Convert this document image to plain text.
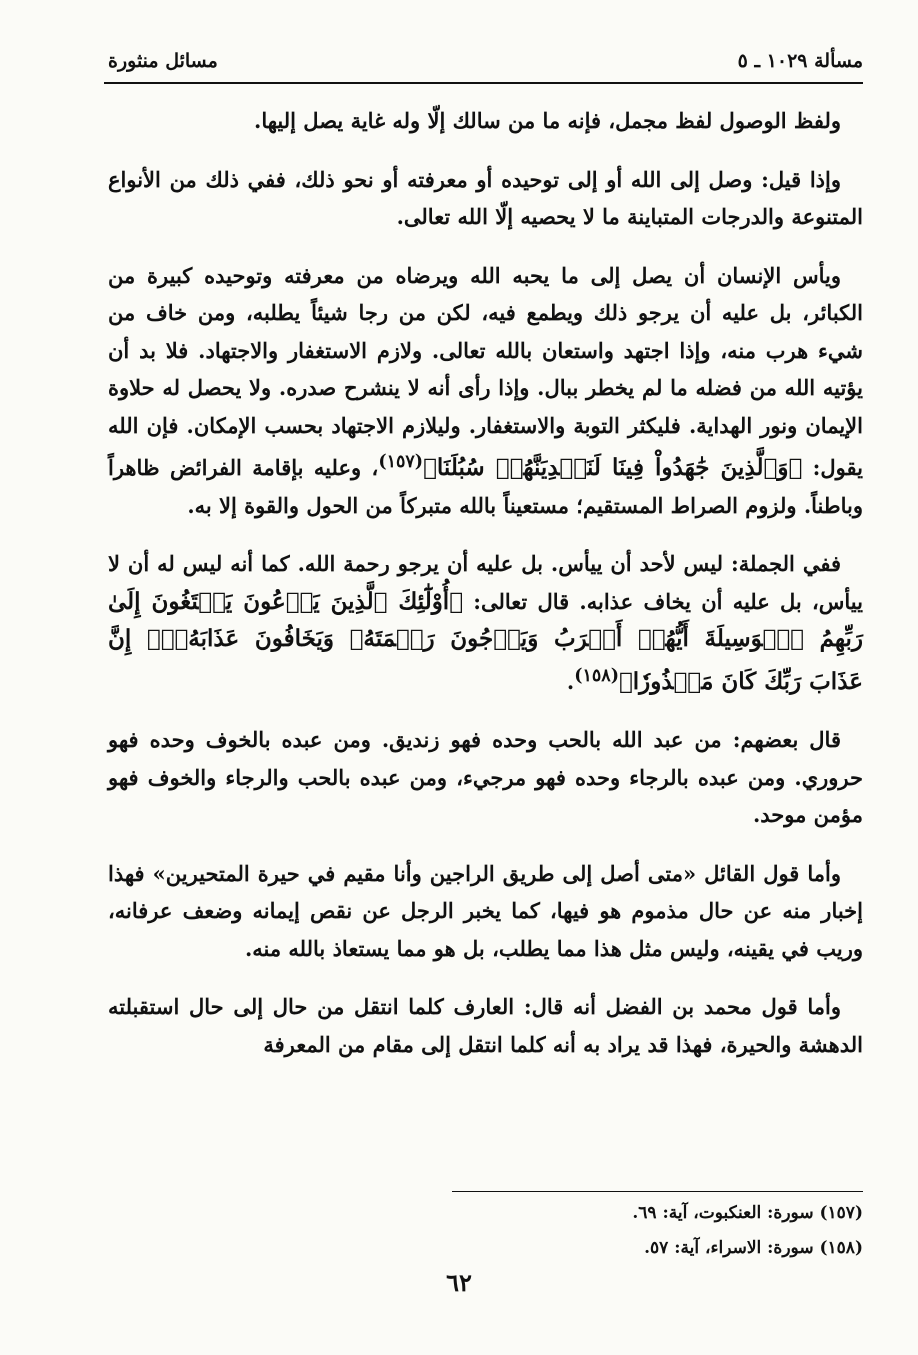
مسائل منثورة	مسألة ١٠٢٩ ـ ٥

ولفظ الوصول لفظ مجمل، فإنه ما من سالك إلّا وله غاية يصل إليها.

وإذا قيل: وصل إلى الله أو إلى توحيده أو معرفته أو نحو ذلك، ففي ذلك من الأنواع المتنوعة والدرجات المتباينة ما لا يحصيه إلّا الله تعالى.

ويأس الإنسان أن يصل إلى ما يحبه الله ويرضاه من معرفته وتوحيده كبيرة من الكبائر، بل عليه أن يرجو ذلك ويطمع فيه، لكن من رجا شيئاً يطلبه، ومن خاف من شيء هرب منه، وإذا اجتهد واستعان بالله تعالى. ولازم الاستغفار والاجتهاد. فلا بد أن يؤتيه الله من فضله ما لم يخطر ببال. وإذا رأى أنه لا ينشرح صدره. ولا يحصل له حلاوة الإيمان ونور الهداية. فليكثر التوبة والاستغفار. وليلازم الاجتهاد بحسب الإمكان. فإن الله يقول: ﴿وَٱلَّذِينَ جَٰهَدُواْ فِينَا لَنَهۡدِيَنَّهُمۡ سُبُلَنَا﴾$^{(١٥٧)}$، وعليه بإقامة الفرائض ظاهراً وباطناً. ولزوم الصراط المستقيم؛ مستعيناً بالله متبركاً من الحول والقوة إلا به.

ففي الجملة: ليس لأحد أن ييأس. بل عليه أن يرجو رحمة الله. كما أنه ليس له أن لا ييأس، بل عليه أن يخاف عذابه. قال تعالى: ﴿أُوْلَٰٓئِكَ ٱلَّذِينَ يَدۡعُونَ يَبۡتَغُونَ إِلَىٰ رَبِّهِمُ ٱلۡوَسِيلَةَ أَيُّهُمۡ أَقۡرَبُ وَيَرۡجُونَ رَحۡمَتَهُۥ وَيَخَافُونَ عَذَابَهُۥٓۚ إِنَّ عَذَابَ رَبِّكَ كَانَ مَحۡذُورٗا﴾$^{(١٥٨)}$.

قال بعضهم: من عبد الله بالحب وحده فهو زنديق. ومن عبده بالخوف وحده فهو حروري. ومن عبده بالرجاء وحده فهو مرجيء، ومن عبده بالحب والرجاء والخوف فهو مؤمن موحد.

وأما قول القائل «متى أصل إلى طريق الراجين وأنا مقيم في حيرة المتحيرين» فهذا إخبار منه عن حال مذموم هو فيها، كما يخبر الرجل عن نقص إيمانه وضعف عرفانه، وريب في يقينه، وليس مثل هذا مما يطلب، بل هو مما يستعاذ بالله منه.

وأما قول محمد بن الفضل أنه قال: العارف كلما انتقل من حال إلى حال استقبلته الدهشة والحيرة، فهذا قد يراد به أنه كلما انتقل إلى مقام من المعرفة

(١٥٧) سورة: العنكبوت، آية: ٦٩.
(١٥٨) سورة: الاسراء، آية: ٥٧.
٦٢
